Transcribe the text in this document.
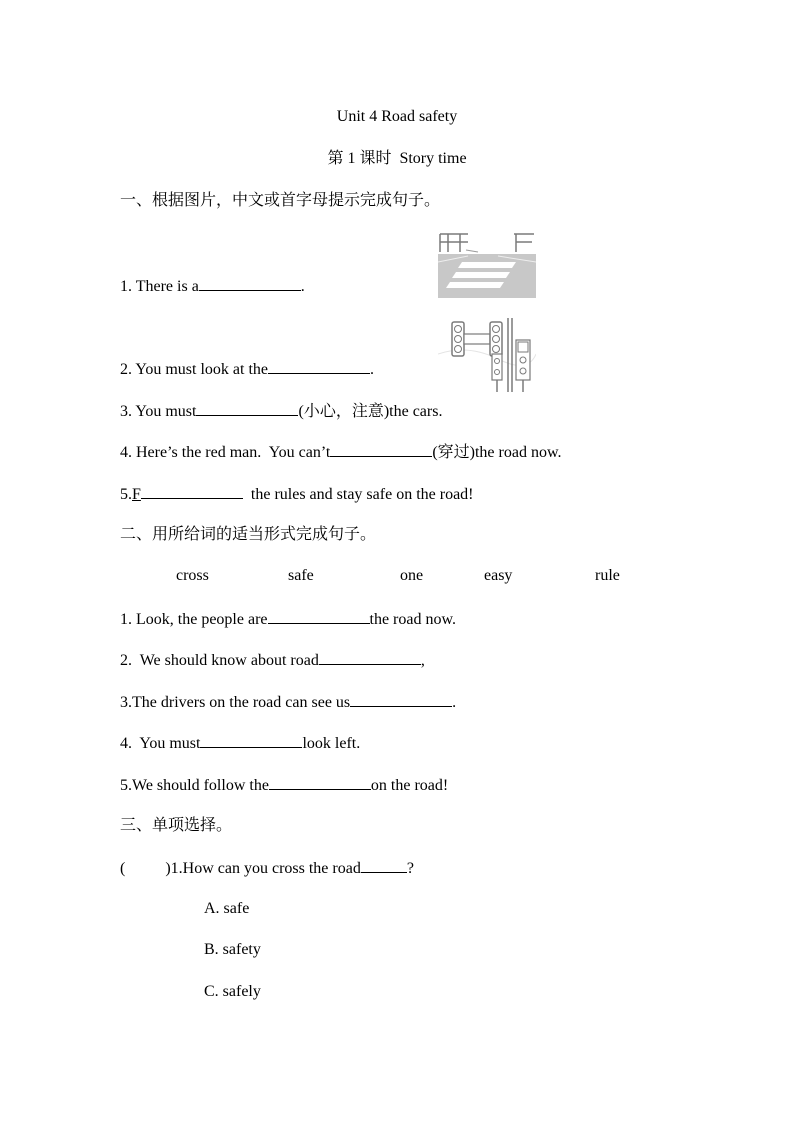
Unit 4 Road safety
第 1 课时  Story time
一、根据图片，中文或首字母提示完成句子。
1. There is a	.
2. You must look at the	.
3. You must	(小心，注意)the cars.
4. Here’s the red man.  You can’t	(穿过)the road now.
5.F	the rules and stay safe on the road!
二、用所给词的适当形式完成句子。
cross	safe	one	easy	rule
1. Look, the people are	the road now.
2.  We should know about road	,
3.The drivers on the road can see us	.
4.  You must	look left.
5.We should follow the	on the road!
三、单项选择。
(          )1.How can you cross the road	?
A. safe
B. safety
C. safely
